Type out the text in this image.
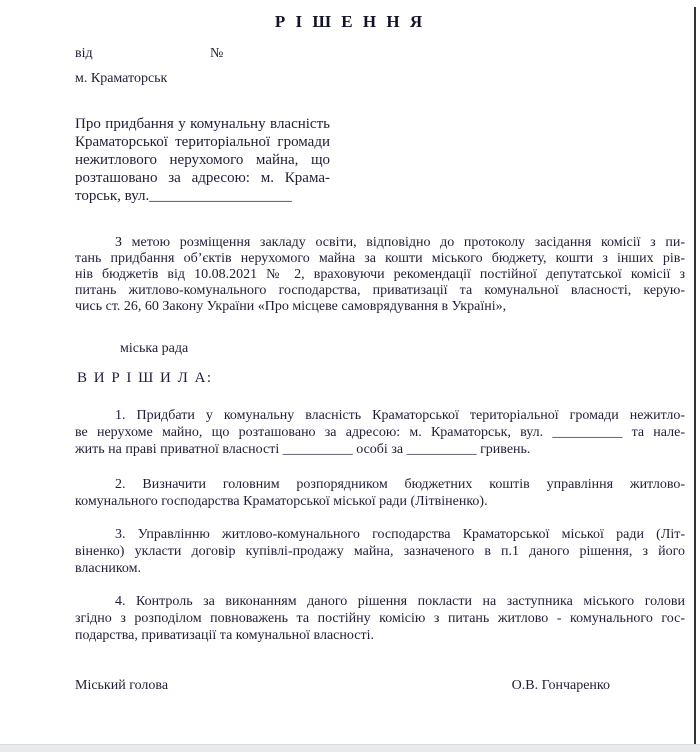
Р І Ш Е Н Н Я
від	№
м. Краматорськ
Про придбання у комунальну власність
Краматорської територіальної громади
нежитлового нерухомого майна, що
розташовано за адресою: м. Крама-
торськ, вул.___________________
З метою розміщення закладу освіти, відповідно до протоколу засідання комісії з пи-
тань придбання об’єктів нерухомого майна за кошти міського бюджету, кошти з інших рів-
нів бюджетів від 10.08.2021 № 2, враховуючи рекомендації постійної депутатської комісії з
питань житлово-комунального господарства, приватизації та комунальної власності, керую-
чись ст. 26, 60 Закону України «Про місцеве самоврядування в Україні»,
міська рада
В И Р І Ш И Л А:
1. Придбати у комунальну власність Краматорської територіальної громади нежитло-
ве нерухоме майно, що розташовано за адресою: м. Краматорськ, вул. __________ та нале-
жить на праві приватної власності __________ особі за __________ гривень.
2. Визначити головним розпорядником бюджетних коштів управління житлово-
комунального господарства Краматорської міської ради (Літвіненко).
3. Управлінню житлово-комунального господарства Краматорської міської ради (Літ-
віненко) укласти договір купівлі-продажу майна, зазначеного в п.1 даного рішення, з його
власником.
4. Контроль за виконанням даного рішення покласти на заступника міського голови
згідно з розподілом повноважень та постійну комісію з питань житлово - комунального гос-
подарства, приватизації та комунальної власності.
Міський голова	О.В. Гончаренко
